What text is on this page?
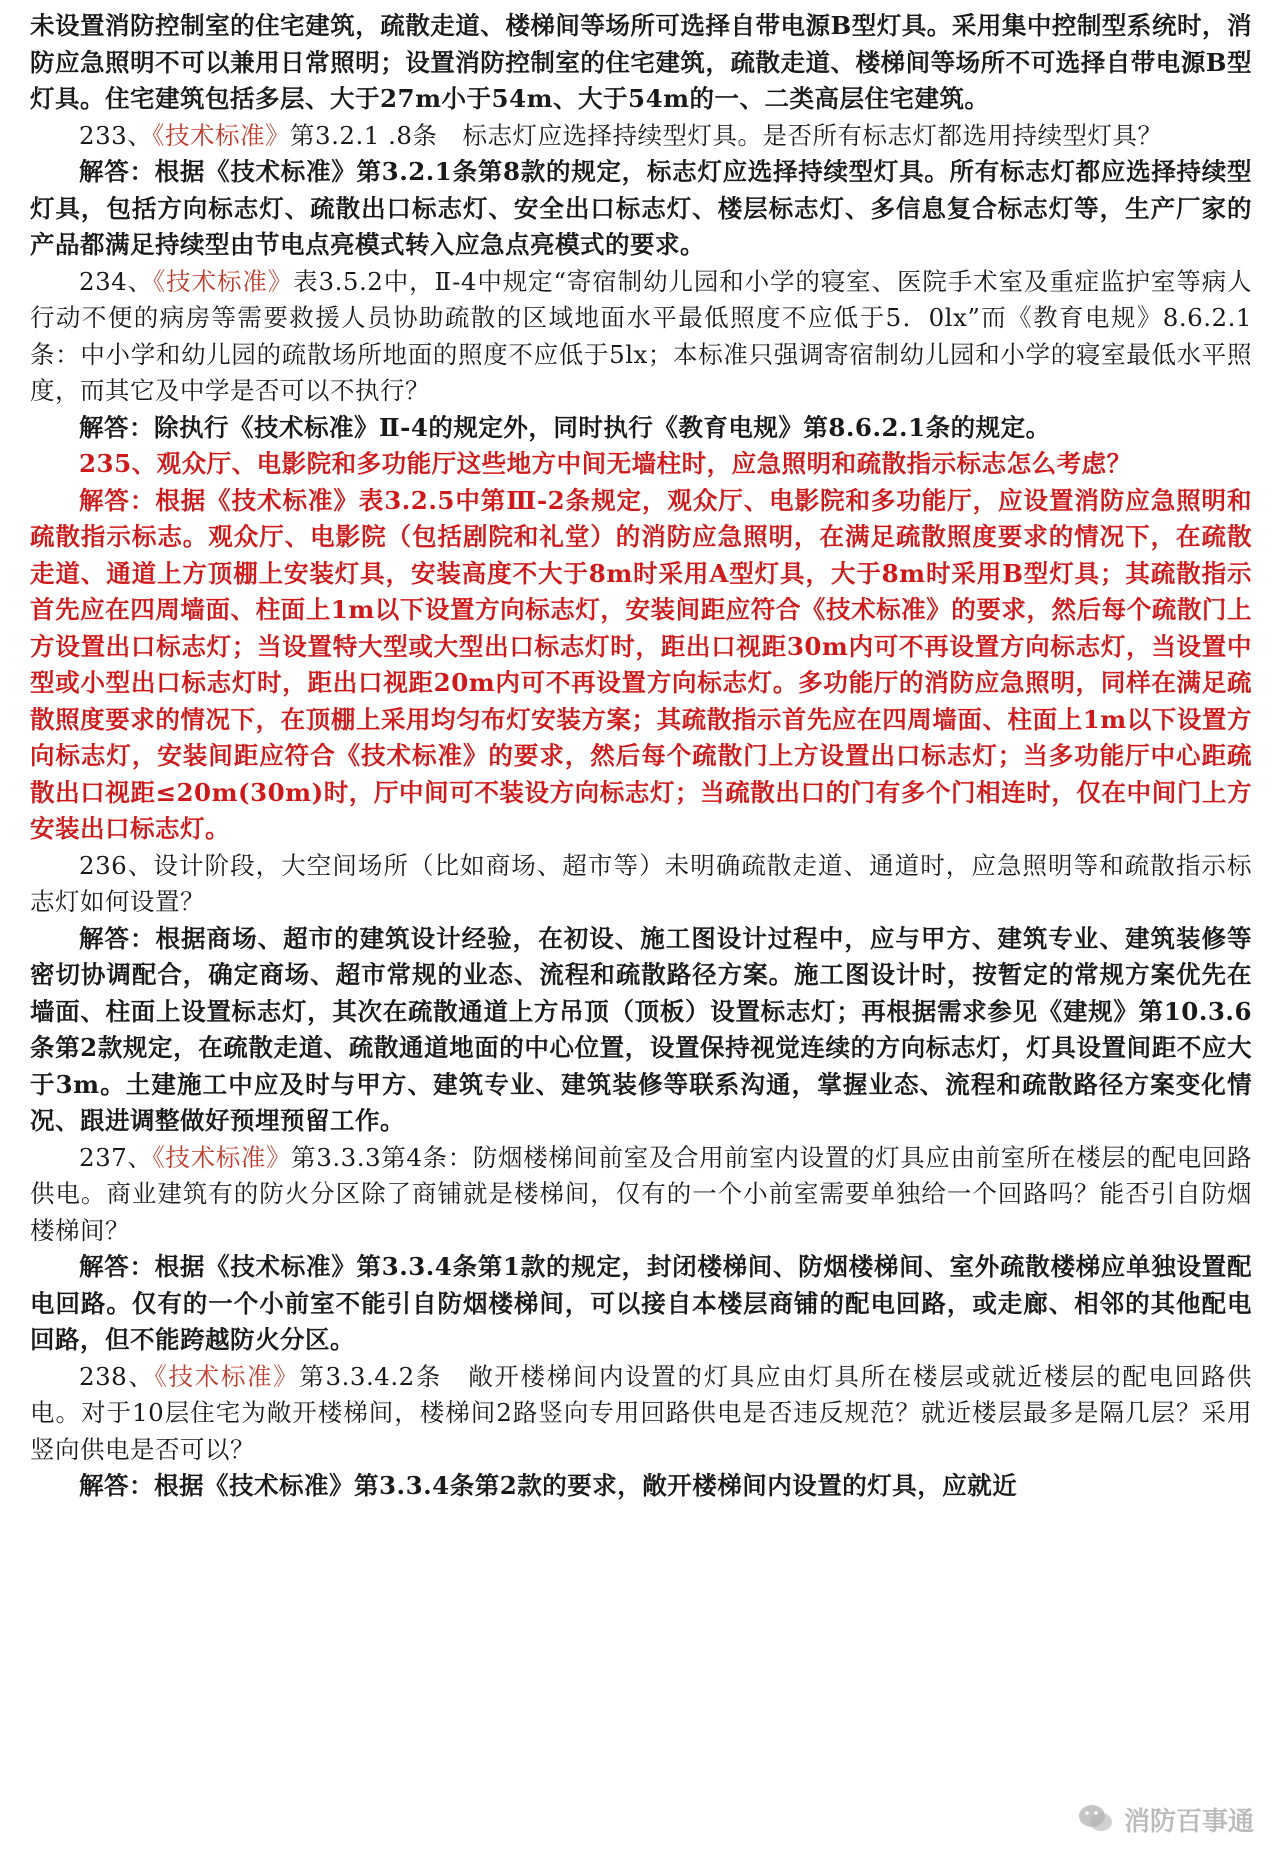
未设置消防控制室的住宅建筑，疏散走道、楼梯间等场所可选择自带电源B型灯具。采用集中控制型系统时，消防应急照明不可以兼用日常照明；设置消防控制室的住宅建筑，疏散走道、楼梯间等场所不可选择自带电源B型灯具。住宅建筑包括多层、大于27m小于54m、大于54m的一、二类高层住宅建筑。

233、《技术标准》第3.2.1 .8条　标志灯应选择持续型灯具。是否所有标志灯都选用持续型灯具？

解答：根据《技术标准》第3.2.1条第8款的规定，标志灯应选择持续型灯具。所有标志灯都应选择持续型灯具，包括方向标志灯、疏散出口标志灯、安全出口标志灯、楼层标志灯、多信息复合标志灯等，生产厂家的产品都满足持续型由节电点亮模式转入应急点亮模式的要求。

234、《技术标准》表3.5.2中，Ⅱ-4中规定“寄宿制幼儿园和小学的寝室、医院手术室及重症监护室等病人行动不便的病房等需要救援人员协助疏散的区域地面水平最低照度不应低于5．0lx”而《教育电规》8.6.2.1条：中小学和幼儿园的疏散场所地面的照度不应低于5lx；本标准只强调寄宿制幼儿园和小学的寝室最低水平照度，而其它及中学是否可以不执行？

解答：除执行《技术标准》Ⅱ-4的规定外，同时执行《教育电规》第8.6.2.1条的规定。

235、观众厅、电影院和多功能厅这些地方中间无墙柱时，应急照明和疏散指示标志怎么考虑？

解答：根据《技术标准》表3.2.5中第Ⅲ-2条规定，观众厅、电影院和多功能厅，应设置消防应急照明和疏散指示标志。观众厅、电影院（包括剧院和礼堂）的消防应急照明，在满足疏散照度要求的情况下，在疏散走道、通道上方顶棚上安装灯具，安装高度不大于8m时采用A型灯具，大于8m时采用B型灯具；其疏散指示首先应在四周墙面、柱面上1m以下设置方向标志灯，安装间距应符合《技术标准》的要求，然后每个疏散门上方设置出口标志灯；当设置特大型或大型出口标志灯时，距出口视距30m内可不再设置方向标志灯，当设置中型或小型出口标志灯时，距出口视距20m内可不再设置方向标志灯。多功能厅的消防应急照明，同样在满足疏散照度要求的情况下，在顶棚上采用均匀布灯安装方案；其疏散指示首先应在四周墙面、柱面上1m以下设置方向标志灯，安装间距应符合《技术标准》的要求，然后每个疏散门上方设置出口标志灯；当多功能厅中心距疏散出口视距≤20m(30m)时，厅中间可不装设方向标志灯；当疏散出口的门有多个门相连时，仅在中间门上方安装出口标志灯。

236、设计阶段，大空间场所（比如商场、超市等）未明确疏散走道、通道时，应急照明等和疏散指示标志灯如何设置？

解答：根据商场、超市的建筑设计经验，在初设、施工图设计过程中，应与甲方、建筑专业、建筑装修等密切协调配合，确定商场、超市常规的业态、流程和疏散路径方案。施工图设计时，按暂定的常规方案优先在墙面、柱面上设置标志灯，其次在疏散通道上方吊顶（顶板）设置标志灯；再根据需求参见《建规》第10.3.6条第2款规定，在疏散走道、疏散通道地面的中心位置，设置保持视觉连续的方向标志灯，灯具设置间距不应大于3m。土建施工中应及时与甲方、建筑专业、建筑装修等联系沟通，掌握业态、流程和疏散路径方案变化情况、跟进调整做好预埋预留工作。

237、《技术标准》第3.3.3第4条：防烟楼梯间前室及合用前室内设置的灯具应由前室所在楼层的配电回路供电。商业建筑有的防火分区除了商铺就是楼梯间，仅有的一个小前室需要单独给一个回路吗？能否引自防烟楼梯间？

解答：根据《技术标准》第3.3.4条第1款的规定，封闭楼梯间、防烟楼梯间、室外疏散楼梯应单独设置配电回路。仅有的一个小前室不能引自防烟楼梯间，可以接自本楼层商铺的配电回路，或走廊、相邻的其他配电回路，但不能跨越防火分区。

238、《技术标准》第3.3.4.2条　敞开楼梯间内设置的灯具应由灯具所在楼层或就近楼层的配电回路供电。对于10层住宅为敞开楼梯间，楼梯间2路竖向专用回路供电是否违反规范？就近楼层最多是隔几层？采用竖向供电是否可以？

解答：根据《技术标准》第3.3.4条第2款的要求，敞开楼梯间内设置的灯具，应就近

消防百事通
